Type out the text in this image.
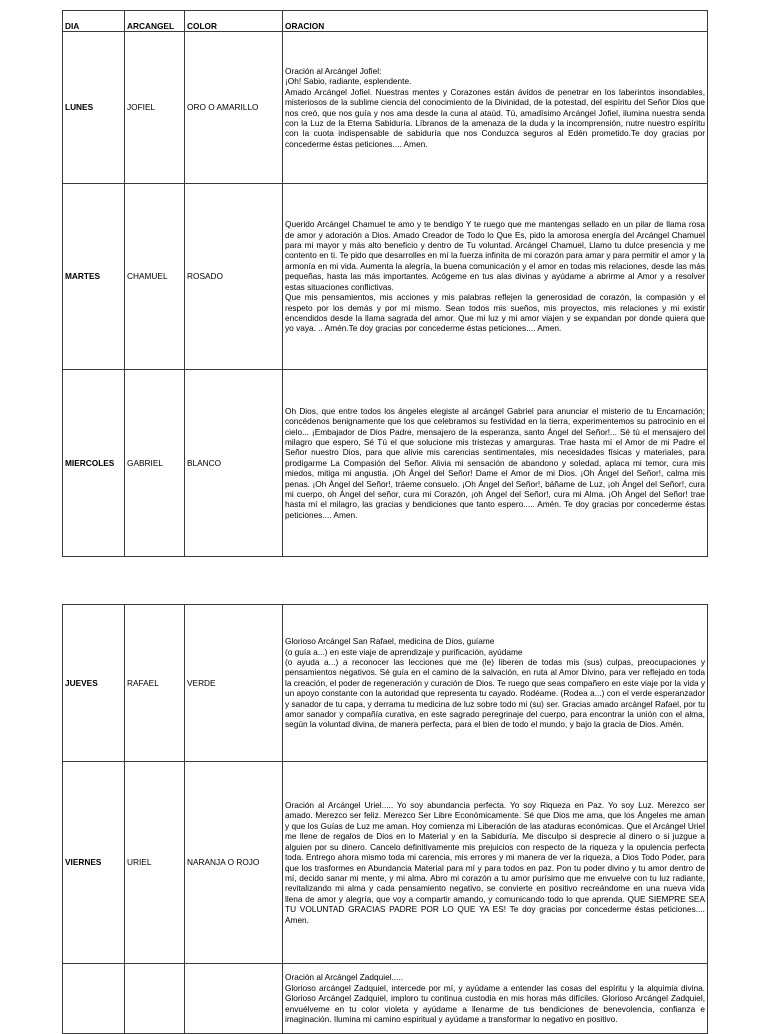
DIA	ARCANGEL	COLOR	ORACION
LUNES	JOFIEL	ORO O AMARILLO	Oración al Arcángel Jofiel:
¡Oh! Sabio, radiante, esplendente.
Amado Arcángel Jofiel. Nuestras mentes y Corazones están ávidos de penetrar en los laberintos insondables, misteriosos de la sublime ciencia del conocimiento de la Divinidad, de la potestad, del espíritu del Señor Dios que nos creó, que nos guía y nos ama desde la cuna al ataúd. Tú, amadísimo Arcángel Jofiel, ilumina nuestra senda con la Luz de la Eterna Sabiduría. Líbranos de la amenaza de la duda y la incomprensión, nutre nuestro espíritu con la cuota indispensable de sabiduría que nos Conduzca seguros al Edén prometido.Te doy gracias por concederme éstas peticiones.... Amen.
MARTES	CHAMUEL	ROSADO	Querido Arcángel Chamuel te amo y te bendigo Y te ruego que me mantengas sellado en un pilar de llama rosa de amor y adoración a Dios. Amado Creador de Todo lo Que Es, pido la amorosa energía del Arcángel Chamuel para mi mayor y más alto beneficio y dentro de Tu voluntad. Arcángel Chamuel, Llamo tu dulce presencia y me contento en ti. Te pido que desarrolles en mí la fuerza infinita de mi corazón para amar y para permitir el amor y la armonía en mi vida. Aumenta la alegría, la buena comunicación y el amor en todas mis relaciones, desde las más pequeñas, hasta las más importantes. Acógeme en tus alas divinas y ayúdame a abrirme al Amor y a resolver estas situaciones conflictivas.
Que mis pensamientos, mis acciones y mis palabras reflejen la generosidad de corazón, la compasión y el respeto por los demás y por mí mismo. Sean todos mis sueños, mis proyectos, mis relaciones y mi existir encendidos desde la llama sagrada del amor. Que mi luz y mi amor viajen y se expandan por donde quiera que yo vaya. .. Amén.Te doy gracias por concederme éstas peticiones.... Amen.
MIERCOLES	GABRIEL	BLANCO	Oh Dios, que entre todos los ángeles elegiste al arcángel Gabriel para anunciar el misterio de tu Encarnación; concédenos benignamente que los que celebramos su festividad en la tierra, experimentemos su patrocinio en el cielo... ¡Embajador de Dios Padre, mensajero de la esperanza, santo Ángel del Señor!... Sé tú el mensajero del milagro que espero, Sé Tú el que solucione mis tristezas y amarguras. Trae hasta mí el Amor de mi Padre el Señor nuestro Dios, para que alivie mis carencias sentimentales, mis necesidades físicas y materiales, para prodigarme La Compasión del Señor. Alivia mi sensación de abandono y soledad, aplaca mi temor, cura mis miedos, mitiga mi angustia. ¡Oh Ángel del Señor! Dame el Amor de mi Dios. ¡Oh Ángel del Señor!, calma mis penas. ¡Oh Ángel del Señor!, tráeme consuelo. ¡Oh Ángel del Señor!, báñame de Luz, ¡oh Ángel del Señor!, cura mi cuerpo, oh Ángel del señor, cura mi Corazón, ¡oh Ángel del Señor!, cura mi Alma. ¡Oh Ángel del Señor! trae hasta mí el milagro, las gracias y bendiciones que tanto espero..... Amén. Te doy gracias por concederme éstas peticiones.... Amen.
JUEVES	RAFAEL	VERDE	Glorioso Arcángel San Rafael, medicina de Dios, guíame
(o guía a...) en este viaje de aprendizaje y purificación, ayúdame
(o ayuda a...) a reconocer las lecciones que me (le) liberen de todas mis (sus) culpas, preocupaciones y pensamientos negativos. Sé guía en el camino de la salvación, en ruta al Amor Divino, para ver reflejado en toda la creación, el poder de regeneración y curación de Dios. Te ruego que seas compañero en este viaje por la vida y un apoyo constante con la autoridad que representa tu cayado. Rodéame. (Rodea a...) con el verde esperanzador y sanador de tu capa, y derrama tu medicina de luz sobre todo mi (su) ser. Gracias amado arcángel Rafael, por tu amor sanador y compañía curativa, en este sagrado peregrinaje del cuerpo, para encontrar la unión con el alma, según la voluntad divina, de manera perfecta, para el bien de todo el mundo, y bajo la gracia de Dios. Amén.
VIERNES	URIEL	NARANJA O ROJO	Oración al Arcángel Uriel..... Yo soy abundancia perfecta. Yo soy Riqueza en Paz. Yo soy Luz. Merezco ser amado. Merezco ser feliz. Merezco Ser Libre Económicamente. Sé que Dios me ama, que los Ángeles me aman y que los Guías de Luz me aman. Hoy comienza mi Liberación de las ataduras económicas. Que el Arcángel Uriel me llene de regalos de Dios en lo Material y en la Sabiduría. Me disculpo si desprecie al dinero o si juzgue a alguien por su dinero. Cancelo definitivamente mis prejuicios con respecto de la riqueza y la opulencia perfecta toda. Entrego ahora mismo toda mi carencia, mis errores y mi manera de ver la riqueza, a Dios Todo Poder, para que los trasformes en Abundancia Material para mí y para todos en paz. Pon tu poder divino y tu amor dentro de mí, decido sanar mi mente, y mi alma. Abro mi corazón a tu amor purísimo que me envuelve con tu luz radiante, revitalizando mi alma y cada pensamiento negativo, se convierte en positivo recreándome en una nueva vida llena de amor y alegría, que voy a compartir amando, y comunicando todo lo que aprenda. QUE SIEMPRE SEA TU VOLUNTAD GRACIAS PADRE POR LO QUE YA ES! Te doy gracias por concederme éstas peticiones.... Amen.
			Oración al Arcángel Zadquiel.....
Glorioso arcángel Zadquiel, intercede por mí, y ayúdame a entender las cosas del espíritu y la alquimia divina. Glorioso Arcángel Zadquiel, imploro tu continua custodia en mis horas más difíciles. Glorioso Arcángel Zadquiel, envuélveme en tu color violeta y ayúdame a llenarme de tus bendiciones de benevolencia, confianza e imaginación. Ilumina mi camino espiritual y ayúdame a transformar lo negativo en positivo.
